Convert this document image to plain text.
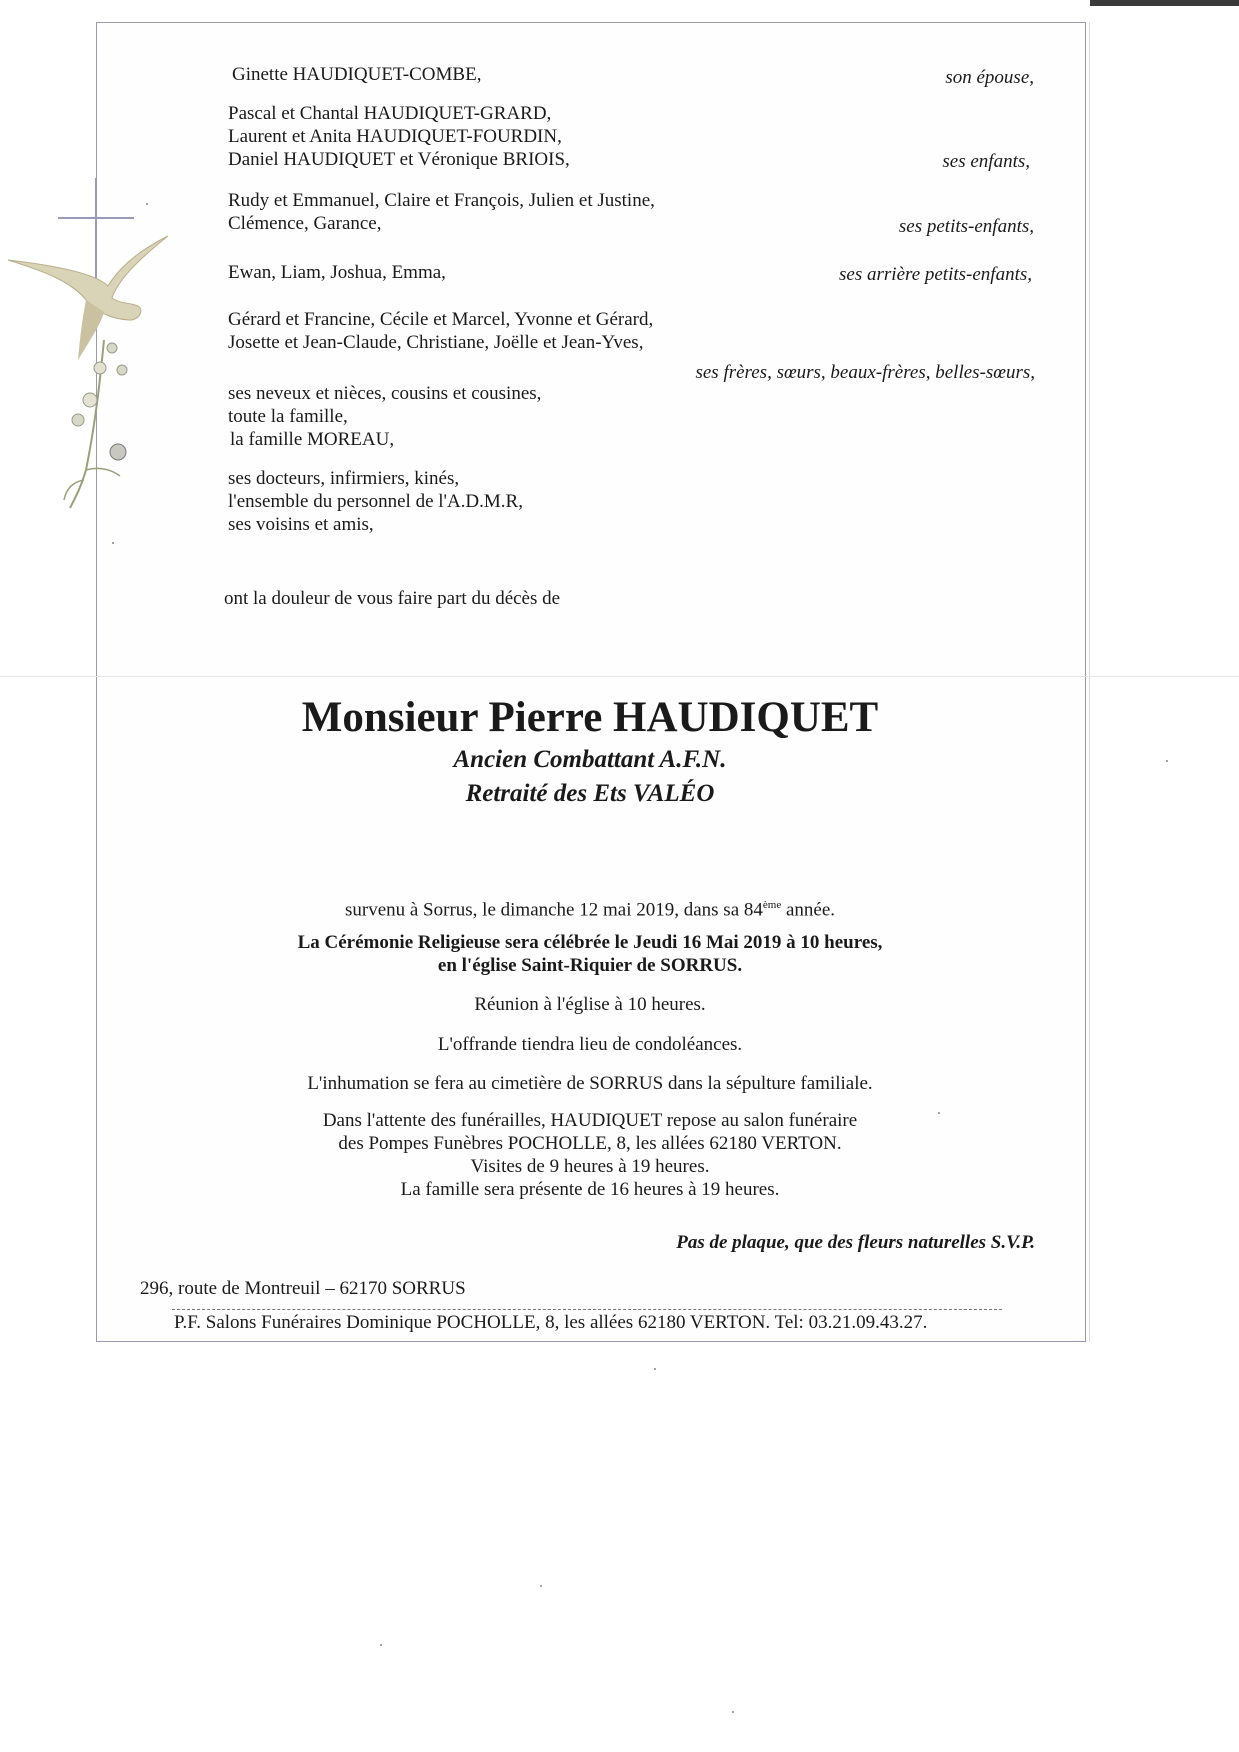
Ginette HAUDIQUET-COMBE,	son épouse,
Pascal et Chantal HAUDIQUET-GRARD,
Laurent et Anita HAUDIQUET-FOURDIN,
Daniel HAUDIQUET et Véronique BRIOIS,	ses enfants,
Rudy et Emmanuel, Claire et François, Julien et Justine,
Clémence, Garance,	ses petits-enfants,
Ewan, Liam, Joshua, Emma,	ses arrière petits-enfants,
Gérard et Francine, Cécile et Marcel, Yvonne et Gérard,
Josette et Jean-Claude, Christiane, Joëlle et Jean-Yves,
ses frères, sœurs, beaux-frères, belles-sœurs,
ses neveux et nièces, cousins et cousines,
toute la famille,
la famille MOREAU,
ses docteurs, infirmiers, kinés,
l'ensemble du personnel de l'A.D.M.R,
ses voisins et amis,
ont la douleur de vous faire part du décès de
Monsieur Pierre HAUDIQUET
Ancien Combattant A.F.N.
Retraité des Ets VALÉO
survenu à Sorrus, le dimanche 12 mai 2019, dans sa 84ème année.
La Cérémonie Religieuse sera célébrée le Jeudi 16 Mai 2019 à 10 heures,
en l'église Saint-Riquier de SORRUS.
Réunion à l'église à 10 heures.
L'offrande tiendra lieu de condoléances.
L'inhumation se fera au cimetière de SORRUS dans la sépulture familiale.
Dans l'attente des funérailles, HAUDIQUET repose au salon funéraire
des Pompes Funèbres POCHOLLE, 8, les allées 62180 VERTON.
Visites de 9 heures à 19 heures.
La famille sera présente de 16 heures à 19 heures.
Pas de plaque, que des fleurs naturelles S.V.P.
296, route de Montreuil – 62170 SORRUS
P.F. Salons Funéraires Dominique POCHOLLE, 8, les allées 62180 VERTON. Tel: 03.21.09.43.27.
